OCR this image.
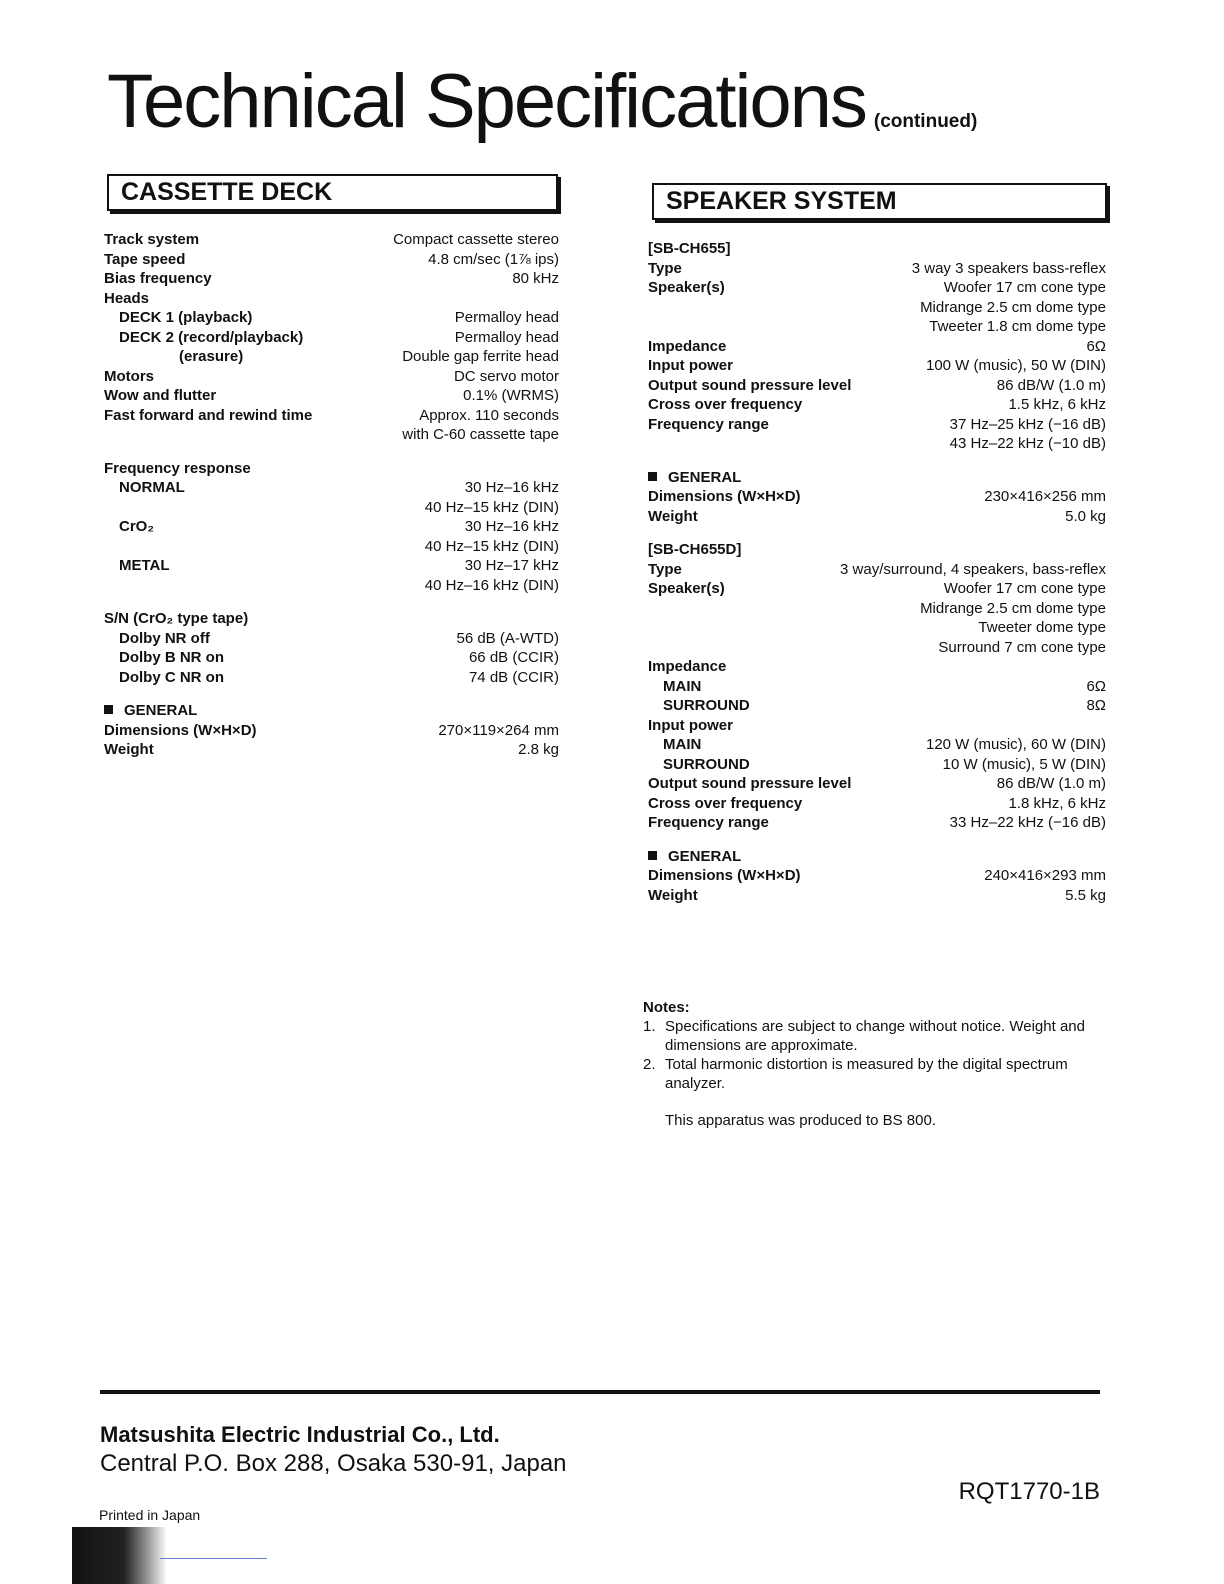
Technical Specifications (continued)
CASSETTE DECK	SPEAKER SYSTEM
Track system	Compact cassette stereo
Tape speed	4.8 cm/sec (1⅞ ips)
Bias frequency	80 kHz
Heads
DECK 1 (playback)	Permalloy head
DECK 2 (record/playback)	Permalloy head
(erasure)	Double gap ferrite head
Motors	DC servo motor
Wow and flutter	0.1% (WRMS)
Fast forward and rewind time	Approx. 110 seconds
with C-60 cassette tape
Frequency response
NORMAL	30 Hz–16 kHz
40 Hz–15 kHz (DIN)
CrO₂	30 Hz–16 kHz
40 Hz–15 kHz (DIN)
METAL	30 Hz–17 kHz
40 Hz–16 kHz (DIN)
S/N (CrO₂ type tape)
Dolby NR off	56 dB (A-WTD)
Dolby B NR on	66 dB (CCIR)
Dolby C NR on	74 dB (CCIR)
GENERAL
Dimensions (W×H×D)	270×119×264 mm
Weight	2.8 kg
[SB-CH655]
Type	3 way 3 speakers bass-reflex
Speaker(s)	Woofer 17 cm cone type
Midrange 2.5 cm dome type
Tweeter 1.8 cm dome type
Impedance	6Ω
Input power	100 W (music), 50 W (DIN)
Output sound pressure level	86 dB/W (1.0 m)
Cross over frequency	1.5 kHz, 6 kHz
Frequency range	37 Hz–25 kHz (−16 dB)
43 Hz–22 kHz (−10 dB)
GENERAL
Dimensions (W×H×D)	230×416×256 mm
Weight	5.0 kg
[SB-CH655D]
Type	3 way/surround, 4 speakers, bass-reflex
Speaker(s)	Woofer 17 cm cone type
Midrange 2.5 cm dome type
Tweeter dome type
Surround 7 cm cone type
Impedance
MAIN	6Ω
SURROUND	8Ω
Input power
MAIN	120 W (music), 60 W (DIN)
SURROUND	10 W (music), 5 W (DIN)
Output sound pressure level	86 dB/W (1.0 m)
Cross over frequency	1.8 kHz, 6 kHz
Frequency range	33 Hz–22 kHz (−16 dB)
GENERAL
Dimensions (W×H×D)	240×416×293 mm
Weight	5.5 kg
Notes:
1. Specifications are subject to change without notice. Weight and dimensions are approximate.
2. Total harmonic distortion is measured by the digital spectrum analyzer.
This apparatus was produced to BS 800.
Matsushita Electric Industrial Co., Ltd.
Central P.O. Box 288, Osaka 530-91, Japan
RQT1770-1B
Printed in Japan
